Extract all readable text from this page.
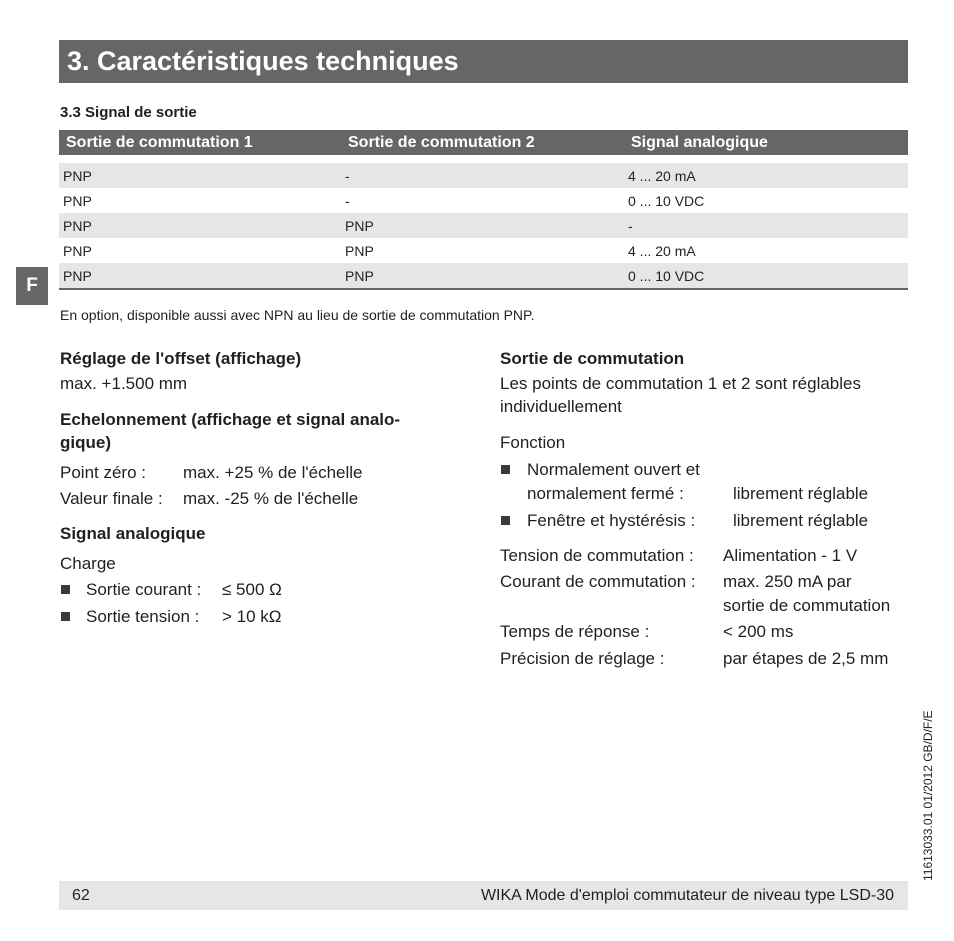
3. Caractéristiques techniques
3.3 Signal de sortie
Sortie de commutation 1	Sortie de commutation 2	Signal analogique
PNP	-	4 ... 20 mA
PNP	-	0 ... 10 VDC
PNP	PNP	-
PNP	PNP	4 ... 20 mA
PNP	PNP	0 ... 10 VDC
F
En option, disponible aussi avec NPN au lieu de sortie de commutation PNP.
Réglage de l'offset (affichage)
max. +1.500 mm
Echelonnement (affichage et signal analo-
gique)
Point zéro : max. +25 % de l'échelle
Valeur finale : max. -25 % de l'échelle
Signal analogique
Charge
Sortie courant : ≤ 500 Ω
Sortie tension : > 10 kΩ
Sortie de commutation
Les points de commutation 1 et 2 sont réglables
individuellement
Fonction
Normalement ouvert et
normalement fermé :	librement réglable
Fenêtre et hystérésis : librement réglable
Tension de commutation : Alimentation - 1 V
Courant de commutation : max. 250 mA par
sortie de commutation
Temps de réponse :	< 200 ms
Précision de réglage :	par étapes de 2,5 mm
11613033.01 01/2012 GB/D/F/E
62	WIKA Mode d'emploi commutateur de niveau type LSD-30
